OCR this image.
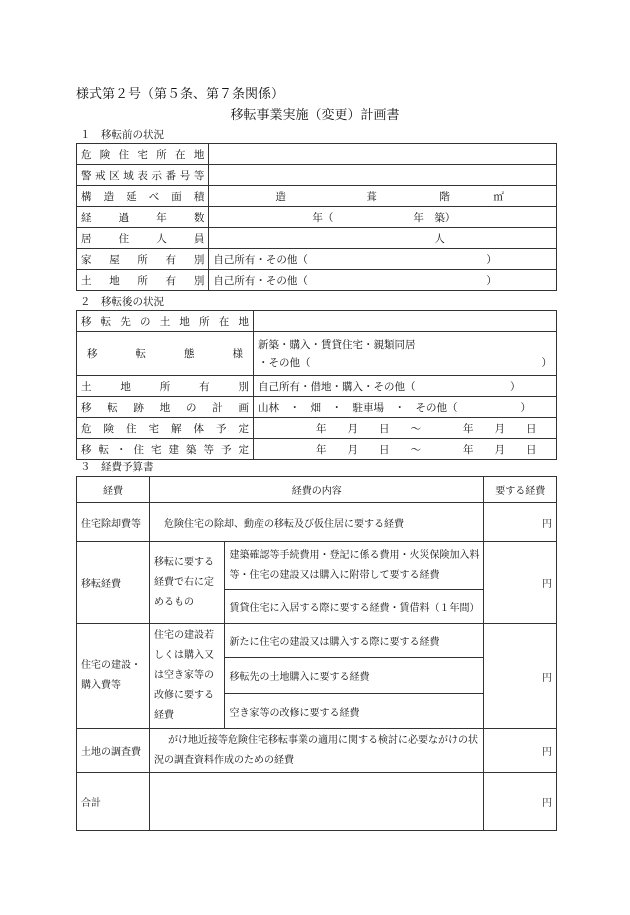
様式第２号（第５条、第７条関係）
移転事業実施（変更）計画書
１　移転前の状況
危険住宅所在地	
警戒区域表示番号等	
構造延べ面積	造 葺 階 ㎡

経過年数	年（ 年　築）

居住人員	人

家屋所有別	自己所有・その他（　　　　　　　　　　　　　　　　　）
土地所有別	自己所有・その他（　　　　　　　　　　　　　　　　　）
２　移転後の状況
移転先の土地所在地	
移転態様	新築・購入・賃貸住宅・親類同居
・その他（　　　　　　　　　　　　　　　　　　　　　　）

土地所有別	自己所有・借地・購入・その他（　　　　　　　　　）
移転跡地の計画	山林　・　畑　・　駐車場　・　その他（　　　　　　）
危険住宅解体予定	年　　月　　日　　～　　　　年　　月　　日
移転・住宅建築等予定	年　　月　　日　　～　　　　年　　月　　日
３　経費予算書
経費	経費の内容		要する経費
住宅除却費等	危険住宅の除却、動産の移転及び仮住居に要する経費		円
移転経費	移転に要する経費で右に定めるもの	建築確認等手続費用・登記に係る費用・火災保険加入料等・住宅の建設又は購入に附帯して要する経費	円
		賃貸住宅に入居する際に要する経費・賃借料（１年間）	
住宅の建設・購入費等	住宅の建設若しくは購入又は空き家等の改修に要する経費	新たに住宅の建設又は購入する際に要する経費	円
		移転先の土地購入に要する経費	
		空き家等の改修に要する経費	
土地の調査費	がけ地近接等危険住宅移転事業の適用に関する検討に必要ながけの状況の調査資料作成のための経費		円
合計			円
